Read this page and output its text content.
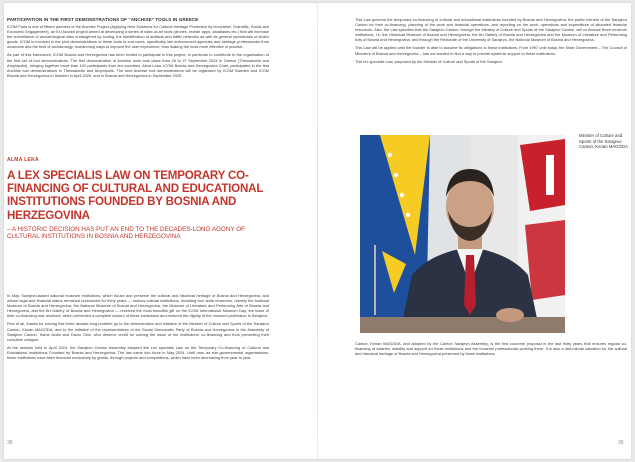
PARTICIPATION IN THE FIRST DEMONSTRATIONS OF “ANCHISE” TOOLS IN GREECE

ICOM Paris is one of fifteen partners of the Anchise Project (Applying New Solutions for Cultural Heritage Protection by innovative, Scientific, Social and Economic Engagement), an EU-funded project aimed at developing a series of state-of-art tools (drones, mobile apps, databases etc.) that will increase the surveillance of archaeological sites endangered by looting, the identification of artifacts and traffic networks as well as general repositories of stolen goods. ICOM is involved in the pilot demonstrations of these tools to end users, specifically law enforcement agencies and heritage professionals from museums and the field of archaeology, researching ways to improve the user experience, thus making the tools more effective in practice.

As part of this framework, ICOM Bosnia and Herzegovina has been invited to participate in this project, in particular to contribute to the organisation of the first set of tool demonstrations. The first demonstration of Anchise tools took place from 26 to 27 September 2024 in Greece (Thessaloniki and Amphipolis), bringing together more than 100 participants from ten countries. Alma Leka, ICOM Bosnia and Herzegovina Chair, participated in the first Anchise tool demonstrations in Thessaloniki and Amphipolis. The next Anchise tool demonstrations will be organised by ICOM Sweden and ICOM Bosnia and Herzegovina in Sweden in April 2025, and in Bosnia and Herzegovina in September 2025.

ALMA LEKA
A LEX SPECIALIS LAW ON TEMPORARY CO-FINANCING OF CULTURAL AND EDUCATIONAL INSTITUTIONS FOUNDED BY BOSNIA AND HERZEGOVINA
– A HISTORIC DECISION HAS PUT AN END TO THE DECADES-LONG AGONY OF CULTURAL INSTITUTIONS IN BOSNIA AND HERZEGOVINA

In May, Sarajevo-based national museum institutions, which house and preserve the cultural and historical heritage of Bosnia and Herzegovina, and whose legal and financial status remained unresolved for thirty years — various cultural institutions, including four state museums, namely the National Museum of Bosnia and Herzegovina, the National Museum of Bosnia and Herzegovina, the Museum of Literature and Performing Arts of Bosnia and Herzegovina, and the Art Gallery of Bosnia and Herzegovina — received the most beautiful gift on the ICOM International Museum Day: the issue of their co-financing was resolved, which prevented a complete closure of these institutions and restored the dignity of the museum profession in Sarajevo.

First of all, thanks for solving this three-decade-long problem go to the determination and initiative of the Minister of Culture and Sports of the Sarajevo Canton, Kenan MAGODA, and to the initiative of the representatives of the Social Democratic Party of Bosnia and Herzegovina in the Assembly of Sarajevo Canton, Samir Avdić and Davor Ožić, who deserve credit for solving the issue of the institutions' co-financing and thus preventing their complete collapse.

At the session held in April 2024, the Sarajevo Canton Assembly adopted the Lex specialis Law on the Temporary Co-financing of Cultural and Educational Institutions Founded by Bosnia and Herzegovina. The law came into force in May 2024. Until now, as non-governmental organisations, these institutions have been financed exclusively by grants, through projects and competitions, which have been decreasing from year to year.

38

This Law governs the temporary co-financing of cultural and educational institutions founded by Bosnia and Herzegovina, the public interest of the Sarajevo Canton for their co-financing, planning of the work and financial operations, and reporting on the work, operations and expenditure of allocated financial resources. Also, the Law specifies that the Sarajevo Canton, through the Ministry of Culture and Sports of the Sarajevo Canton, will co-finance three museum institutions, i.e. the Historical Museum of Bosnia and Herzegovina, the Art Gallery of Bosnia and Herzegovina and the Museum of Literature and Performing Arts of Bosnia and Herzegovina, and through the Rectorate of the University of Sarajevo, the National Museum of Bosnia and Herzegovina.

This Law will be applied until the founder is able to assume its obligations to these institutions. From 1997 until today, the State Government – The Council of Ministers of Bosnia and Herzegovina – has not wanted to find a way to provide systemic support to these institutions.

This lex specialis Law, proposed by the Minister of Culture and Sports of the Sarajevo

Minister of Culture and Sports of the Sarajevo Canton, Kenan MAGODA

Canton, Kenan MAGODA, and adopted by the Canton Sarajevo Assembly, is the first concrete proposal in the last thirty years that ensures regular co-financing of salaries, stability and support for these institutions and the museum professionals working there. It is also a last-minute salvation for the cultural and historical heritage of Bosnia and Herzegovina preserved by these institutions.

39
